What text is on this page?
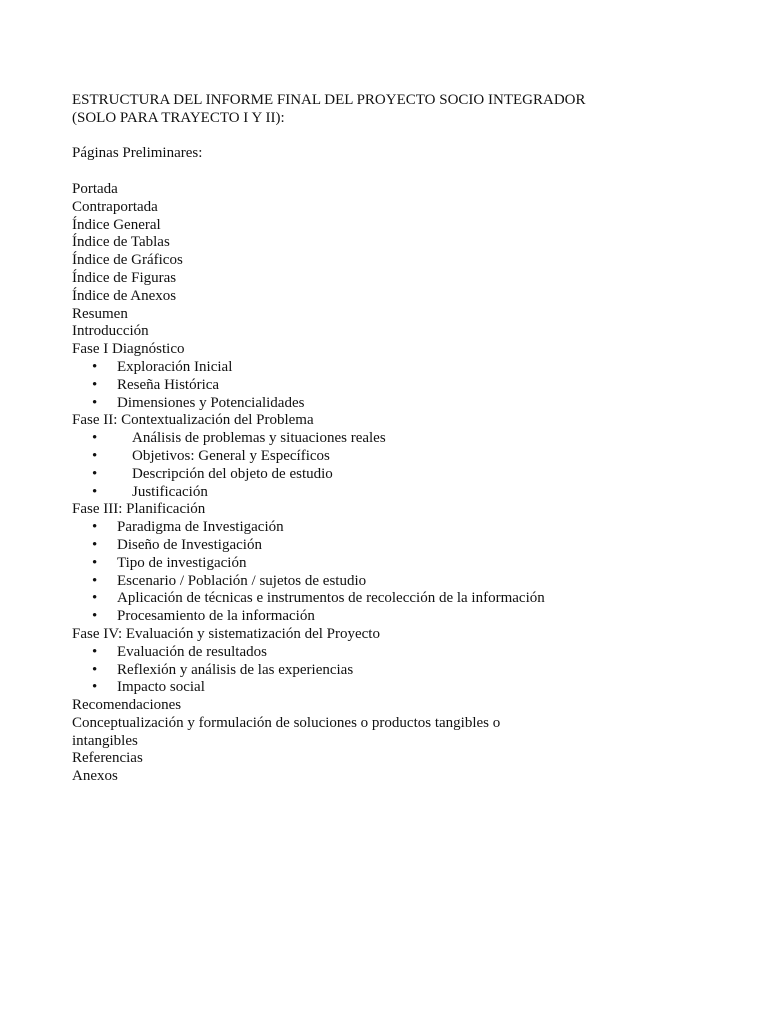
ESTRUCTURA DEL INFORME FINAL DEL PROYECTO SOCIO INTEGRADOR
(SOLO PARA TRAYECTO I Y II):
Páginas Preliminares:
Portada
Contraportada
Índice General
Índice de Tablas
Índice de Gráficos
Índice de Figuras
Índice de Anexos
Resumen
Introducción
Fase I Diagnóstico
• Exploración Inicial
• Reseña Histórica
• Dimensiones y Potencialidades
Fase II: Contextualización del Problema
• Análisis de problemas y situaciones reales
• Objetivos: General y Específicos
• Descripción del objeto de estudio
• Justificación
Fase III: Planificación
• Paradigma de Investigación
• Diseño de Investigación
• Tipo de investigación
• Escenario / Población / sujetos de estudio
• Aplicación de técnicas e instrumentos de recolección de la información
• Procesamiento de la información
Fase IV: Evaluación y sistematización del Proyecto
• Evaluación de resultados
• Reflexión y análisis de las experiencias
• Impacto social
Recomendaciones
Conceptualización y formulación de soluciones o productos tangibles o
intangibles
Referencias
Anexos
